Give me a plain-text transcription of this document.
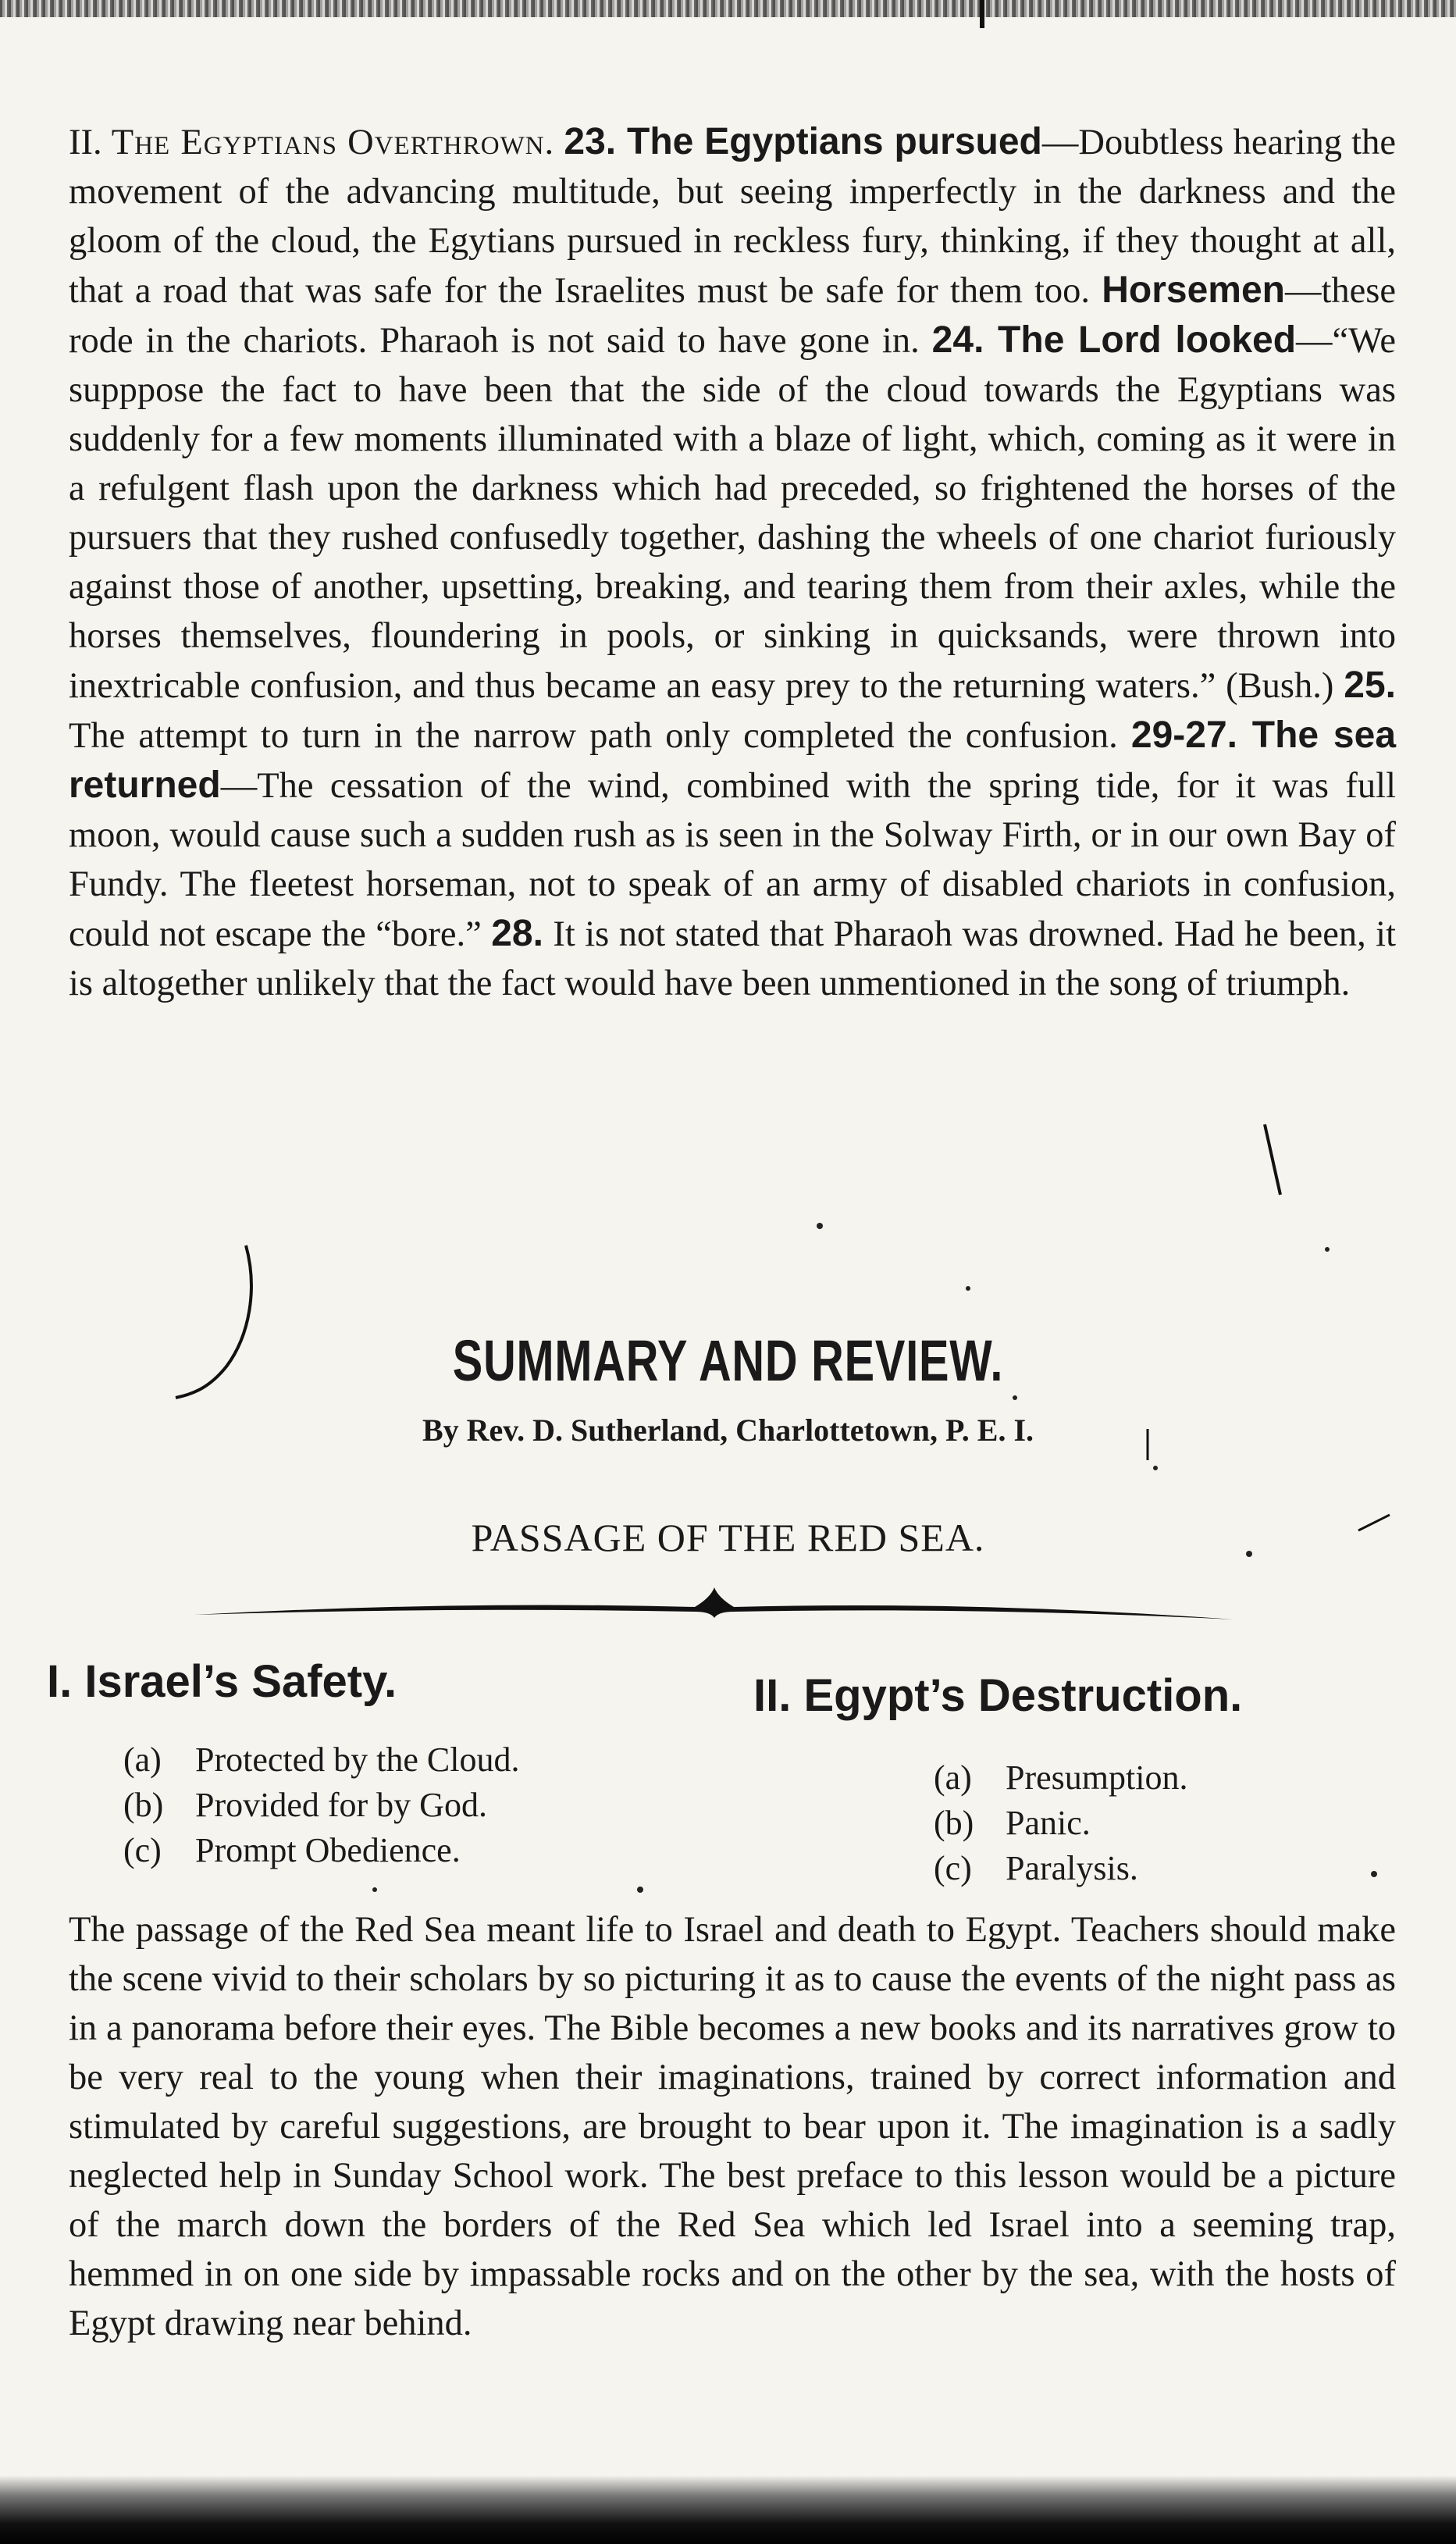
II. The Egyptians Overthrown. 23. The Egyptians pursued—Doubtless hearing the movement of the advancing multitude, but seeing imperfectly in the darkness and the gloom of the cloud, the Egytians pursued in reckless fury, thinking, if they thought at all, that a road that was safe for the Israelites must be safe for them too. Horsemen—these rode in the chariots. Pharaoh is not said to have gone in. 24. The Lord looked—“We supppose the fact to have been that the side of the cloud towards the Egyptians was suddenly for a few moments illuminated with a blaze of light, which, coming as it were in a refulgent flash upon the darkness which had preceded, so frightened the horses of the pursuers that they rushed confusedly together, dashing the wheels of one chariot furiously against those of another, upsetting, breaking, and tearing them from their axles, while the horses themselves, floundering in pools, or sinking in quicksands, were thrown into inextricable confusion, and thus became an easy prey to the returning waters.” (Bush.) 25. The attempt to turn in the narrow path only completed the confusion. 29-27. The sea returned—The cessation of the wind, combined with the spring tide, for it was full moon, would cause such a sudden rush as is seen in the Solway Firth, or in our own Bay of Fundy. The fleetest horseman, not to speak of an army of disabled chariots in confusion, could not escape the “bore.” 28. It is not stated that Pharaoh was drowned. Had he been, it is altogether unlikely that the fact would have been unmentioned in the song of triumph.

SUMMARY AND REVIEW.

By Rev. D. Sutherland, Charlottetown, P. E. I.

PASSAGE OF THE RED SEA.

I. Israel’s Safety.
(a) Protected by the Cloud.
(b) Provided for by God.
(c) Prompt Obedience.
II. Egypt’s Destruction.
(a) Presumption.
(b) Panic.
(c) Paralysis.

The passage of the Red Sea meant life to Israel and death to Egypt. Teachers should make the scene vivid to their scholars by so picturing it as to cause the events of the night pass as in a panorama before their eyes. The Bible becomes a new books and its narratives grow to be very real to the young when their imaginations, trained by correct information and stimulated by careful suggestions, are brought to bear upon it. The imagination is a sadly neglected help in Sunday School work. The best preface to this lesson would be a picture of the march down the borders of the Red Sea which led Israel into a seeming trap, hemmed in on one side by impassable rocks and on the other by the sea, with the hosts of Egypt drawing near behind.
